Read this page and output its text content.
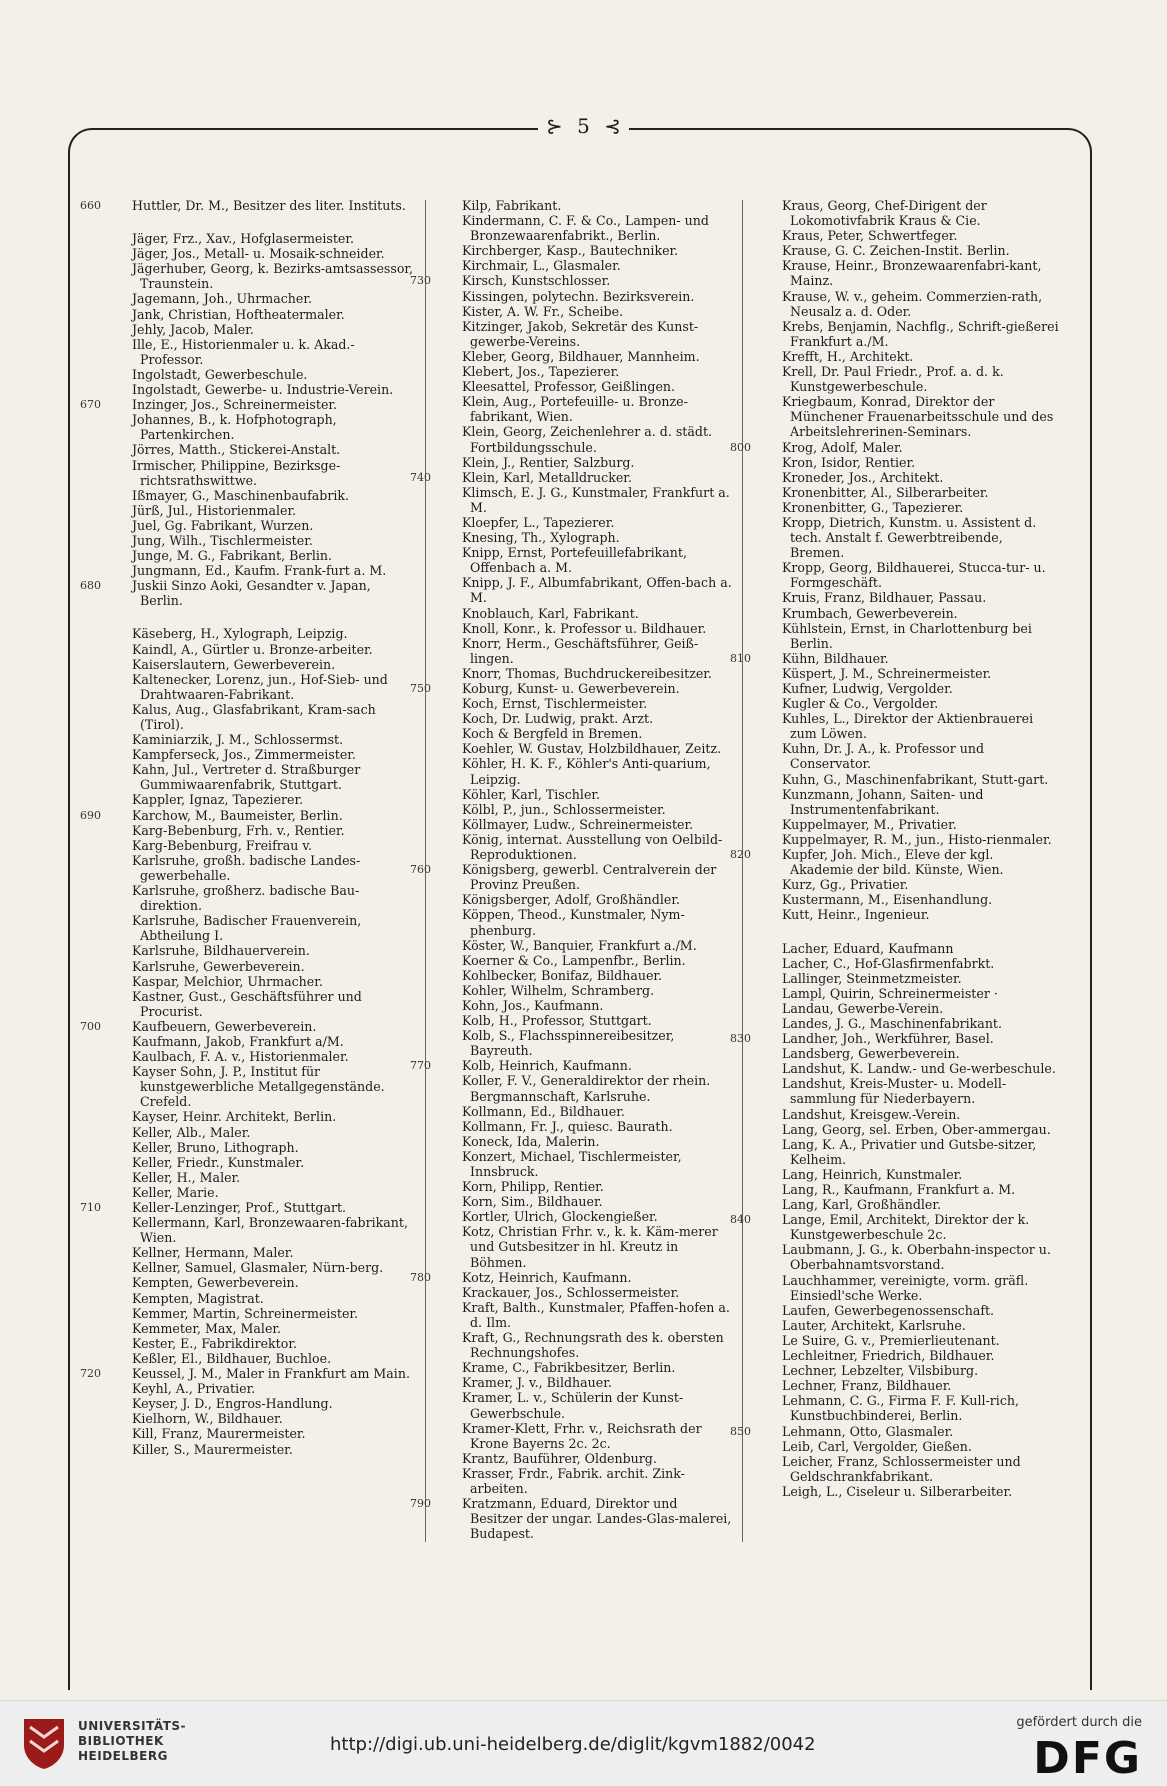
⊱ 5 ⊰
660 Huttler, Dr. M., Besitzer des liter. Instituts.
Jäger, Frz., Xav., Hofglasermeister.
Jäger, Jos., Metall- u. Mosaik-schneider.
Jägerhuber, Georg, k. Bezirks-amtsassessor, Traunstein.
Jagemann, Joh., Uhrmacher.
Jank, Christian, Hoftheatermaler.
Jehly, Jacob, Maler.
Ille, E., Historienmaler u. k. Akad.-Professor.
Ingolstadt, Gewerbeschule.
Ingolstadt, Gewerbe- u. Industrie-Verein.
670 Inzinger, Jos., Schreinermeister.
Johannes, B., k. Hofphotograph, Partenkirchen.
Jörres, Matth., Stickerei-Anstalt.
Irmischer, Philippine, Bezirksge-richtsrathswittwe.
Ißmayer, G., Maschinenbaufabrik.
Jürß, Jul., Historienmaler.
Juel, Gg. Fabrikant, Wurzen.
Jung, Wilh., Tischlermeister.
Junge, M. G., Fabrikant, Berlin.
Jungmann, Ed., Kaufm. Frank-furt a. M.
680 Juskii Sinzo Aoki, Gesandter v. Japan, Berlin.
Käseberg, H., Xylograph, Leipzig.
Kaindl, A., Gürtler u. Bronze-arbeiter.
Kaiserslautern, Gewerbeverein.
Kaltenecker, Lorenz, jun., Hof-Sieb- und Drahtwaaren-Fabrikant.
Kalus, Aug., Glasfabrikant, Kram-sach (Tirol).
Kaminiarzik, J. M., Schlossermst.
Kampferseck, Jos., Zimmermeister.
Kahn, Jul., Vertreter d. Straßburger Gummiwaarenfabrik, Stuttgart.
Kappler, Ignaz, Tapezierer.
690 Karchow, M., Baumeister, Berlin.
Karg-Bebenburg, Frh. v., Rentier.
Karg-Bebenburg, Freifrau v.
Karlsruhe, großh. badische Landes-gewerbehalle.
Karlsruhe, großherz. badische Bau-direktion.
Karlsruhe, Badischer Frauenverein, Abtheilung I.
Karlsruhe, Bildhauerverein.
Karlsruhe, Gewerbeverein.
Kaspar, Melchior, Uhrmacher.
Kastner, Gust., Geschäftsführer und Procurist.
700 Kaufbeuern, Gewerbeverein.
Kaufmann, Jakob, Frankfurt a/M.
Kaulbach, F. A. v., Historienmaler.
Kayser Sohn, J. P., Institut für kunstgewerbliche Metallgegenstände. Crefeld.
Kayser, Heinr. Architekt, Berlin.
Keller, Alb., Maler.
Keller, Bruno, Lithograph.
Keller, Friedr., Kunstmaler.
Keller, H., Maler.
Keller, Marie.
710 Keller-Lenzinger, Prof., Stuttgart.
Kellermann, Karl, Bronzewaaren-fabrikant, Wien.
Kellner, Hermann, Maler.
Kellner, Samuel, Glasmaler, Nürn-berg.
Kempten, Gewerbeverein.
Kempten, Magistrat.
Kemmer, Martin, Schreinermeister.
Kemmeter, Max, Maler.
Kester, E., Fabrikdirektor.
Keßler, El., Bildhauer, Buchloe.
720 Keussel, J. M., Maler in Frankfurt am Main.
Keyhl, A., Privatier.
Keyser, J. D., Engros-Handlung.
Kielhorn, W., Bildhauer.
Kill, Franz, Maurermeister.
Killer, S., Maurermeister.
Kilp, Fabrikant.
Kindermann, C. F. & Co., Lampen- und Bronzewaarenfabrikt., Berlin.
Kirchberger, Kasp., Bautechniker.
Kirchmair, L., Glasmaler.
730 Kirsch, Kunstschlosser.
Kissingen, polytechn. Bezirksverein.
Kister, A. W. Fr., Scheibe.
Kitzinger, Jakob, Sekretär des Kunst-gewerbe-Vereins.
Kleber, Georg, Bildhauer, Mannheim.
Klebert, Jos., Tapezierer.
Kleesattel, Professor, Geißlingen.
Klein, Aug., Portefeuille- u. Bronze-fabrikant, Wien.
Klein, Georg, Zeichenlehrer a. d. städt. Fortbildungsschule.
Klein, J., Rentier, Salzburg.
740 Klein, Karl, Metalldrucker.
Klimsch, E. J. G., Kunstmaler, Frankfurt a. M.
Kloepfer, L., Tapezierer.
Knesing, Th., Xylograph.
Knipp, Ernst, Portefeuillefabrikant, Offenbach a. M.
Knipp, J. F., Albumfabrikant, Offen-bach a. M.
Knoblauch, Karl, Fabrikant.
Knoll, Konr., k. Professor u. Bildhauer.
Knorr, Herm., Geschäftsführer, Geiß-lingen.
Knorr, Thomas, Buchdruckereibesitzer.
750 Koburg, Kunst- u. Gewerbeverein.
Koch, Ernst, Tischlermeister.
Koch, Dr. Ludwig, prakt. Arzt.
Koch & Bergfeld in Bremen.
Koehler, W. Gustav, Holzbildhauer, Zeitz.
Köhler, H. K. F., Köhler's Anti-quarium, Leipzig.
Köhler, Karl, Tischler.
Kölbl, P., jun., Schlossermeister.
Köllmayer, Ludw., Schreinermeister.
König, internat. Ausstellung von Oelbild-Reproduktionen.
760 Königsberg, gewerbl. Centralverein der Provinz Preußen.
Königsberger, Adolf, Großhändler.
Köppen, Theod., Kunstmaler, Nym-phenburg.
Köster, W., Banquier, Frankfurt a./M.
Koerner & Co., Lampenfbr., Berlin.
Kohlbecker, Bonifaz, Bildhauer.
Kohler, Wilhelm, Schramberg.
Kohn, Jos., Kaufmann.
Kolb, H., Professor, Stuttgart.
Kolb, S., Flachsspinnereibesitzer, Bayreuth.
770 Kolb, Heinrich, Kaufmann.
Koller, F. V., Generaldirektor der rhein. Bergmannschaft, Karlsruhe.
Kollmann, Ed., Bildhauer.
Kollmann, Fr. J., quiesc. Baurath.
Koneck, Ida, Malerin.
Konzert, Michael, Tischlermeister, Innsbruck.
Korn, Philipp, Rentier.
Korn, Sim., Bildhauer.
Kortler, Ulrich, Glockengießer.
Kotz, Christian Frhr. v., k. k. Käm-merer und Gutsbesitzer in hl. Kreutz in Böhmen.
780 Kotz, Heinrich, Kaufmann.
Krackauer, Jos., Schlossermeister.
Kraft, Balth., Kunstmaler, Pfaffen-hofen a. d. Ilm.
Kraft, G., Rechnungsrath des k. obersten Rechnungshofes.
Krame, C., Fabrikbesitzer, Berlin.
Kramer, J. v., Bildhauer.
Kramer, L. v., Schülerin der Kunst-Gewerbschule.
Kramer-Klett, Frhr. v., Reichsrath der Krone Bayerns 2c. 2c.
Krantz, Bauführer, Oldenburg.
Krasser, Frdr., Fabrik. archit. Zink-arbeiten.
790 Kratzmann, Eduard, Direktor und Besitzer der ungar. Landes-Glas-malerei, Budapest.
Kraus, Georg, Chef-Dirigent der Lokomotivfabrik Kraus & Cie.
Kraus, Peter, Schwertfeger.
Krause, G. C. Zeichen-Instit. Berlin.
Krause, Heinr., Bronzewaarenfabri-kant, Mainz.
Krause, W. v., geheim. Commerzien-rath, Neusalz a. d. Oder.
Krebs, Benjamin, Nachflg., Schrift-gießerei Frankfurt a./M.
Krefft, H., Architekt.
Krell, Dr. Paul Friedr., Prof. a. d. k. Kunstgewerbeschule.
Kriegbaum, Konrad, Direktor der Münchener Frauenarbeitsschule und des Arbeitslehrerinen-Seminars.
800 Krog, Adolf, Maler.
Kron, Isidor, Rentier.
Kroneder, Jos., Architekt.
Kronenbitter, Al., Silberarbeiter.
Kronenbitter, G., Tapezierer.
Kropp, Dietrich, Kunstm. u. Assistent d. tech. Anstalt f. Gewerbtreibende, Bremen.
Kropp, Georg, Bildhauerei, Stucca-tur- u. Formgeschäft.
Kruis, Franz, Bildhauer, Passau.
Krumbach, Gewerbeverein.
Kühlstein, Ernst, in Charlottenburg bei Berlin.
810 Kühn, Bildhauer.
Küspert, J. M., Schreinermeister.
Kufner, Ludwig, Vergolder.
Kugler & Co., Vergolder.
Kuhles, L., Direktor der Aktienbrauerei zum Löwen.
Kuhn, Dr. J. A., k. Professor und Conservator.
Kuhn, G., Maschinenfabrikant, Stutt-gart.
Kunzmann, Johann, Saiten- und Instrumentenfabrikant.
Kuppelmayer, M., Privatier.
Kuppelmayer, R. M., jun., Histo-rienmaler.
820 Kupfer, Joh. Mich., Eleve der kgl. Akademie der bild. Künste, Wien.
Kurz, Gg., Privatier.
Kustermann, M., Eisenhandlung.
Kutt, Heinr., Ingenieur.
Lacher, Eduard, Kaufmann
Lacher, C., Hof-Glasfirmenfabrkt.
Lallinger, Steinmetzmeister.
Lampl, Quirin, Schreinermeister ·
Landau, Gewerbe-Verein.
Landes, J. G., Maschinenfabrikant.
830 Landher, Joh., Werkführer, Basel.
Landsberg, Gewerbeverein.
Landshut, K. Landw.- und Ge-werbeschule.
Landshut, Kreis-Muster- u. Modell-sammlung für Niederbayern.
Landshut, Kreisgew.-Verein.
Lang, Georg, sel. Erben, Ober-ammergau.
Lang, K. A., Privatier und Gutsbe-sitzer, Kelheim.
Lang, Heinrich, Kunstmaler.
Lang, R., Kaufmann, Frankfurt a. M.
Lang, Karl, Großhändler.
840 Lange, Emil, Architekt, Direktor der k. Kunstgewerbeschule 2c.
Laubmann, J. G., k. Oberbahn-inspector u. Oberbahnamtsvorstand.
Lauchhammer, vereinigte, vorm. gräfl. Einsiedl'sche Werke.
Laufen, Gewerbegenossenschaft.
Lauter, Architekt, Karlsruhe.
Le Suire, G. v., Premierlieutenant.
Lechleitner, Friedrich, Bildhauer.
Lechner, Lebzelter, Vilsbiburg.
Lechner, Franz, Bildhauer.
Lehmann, C. G., Firma F. F. Kull-rich, Kunstbuchbinderei, Berlin.
850 Lehmann, Otto, Glasmaler.
Leib, Carl, Vergolder, Gießen.
Leicher, Franz, Schlossermeister und Geldschrankfabrikant.
Leigh, L., Ciseleur u. Silberarbeiter.
UNIVERSITÄTS-
BIBLIOTHEK
HEIDELBERG
http://digi.ub.uni-heidelberg.de/diglit/kgvm1882/0042
gefördert durch die
DFG
